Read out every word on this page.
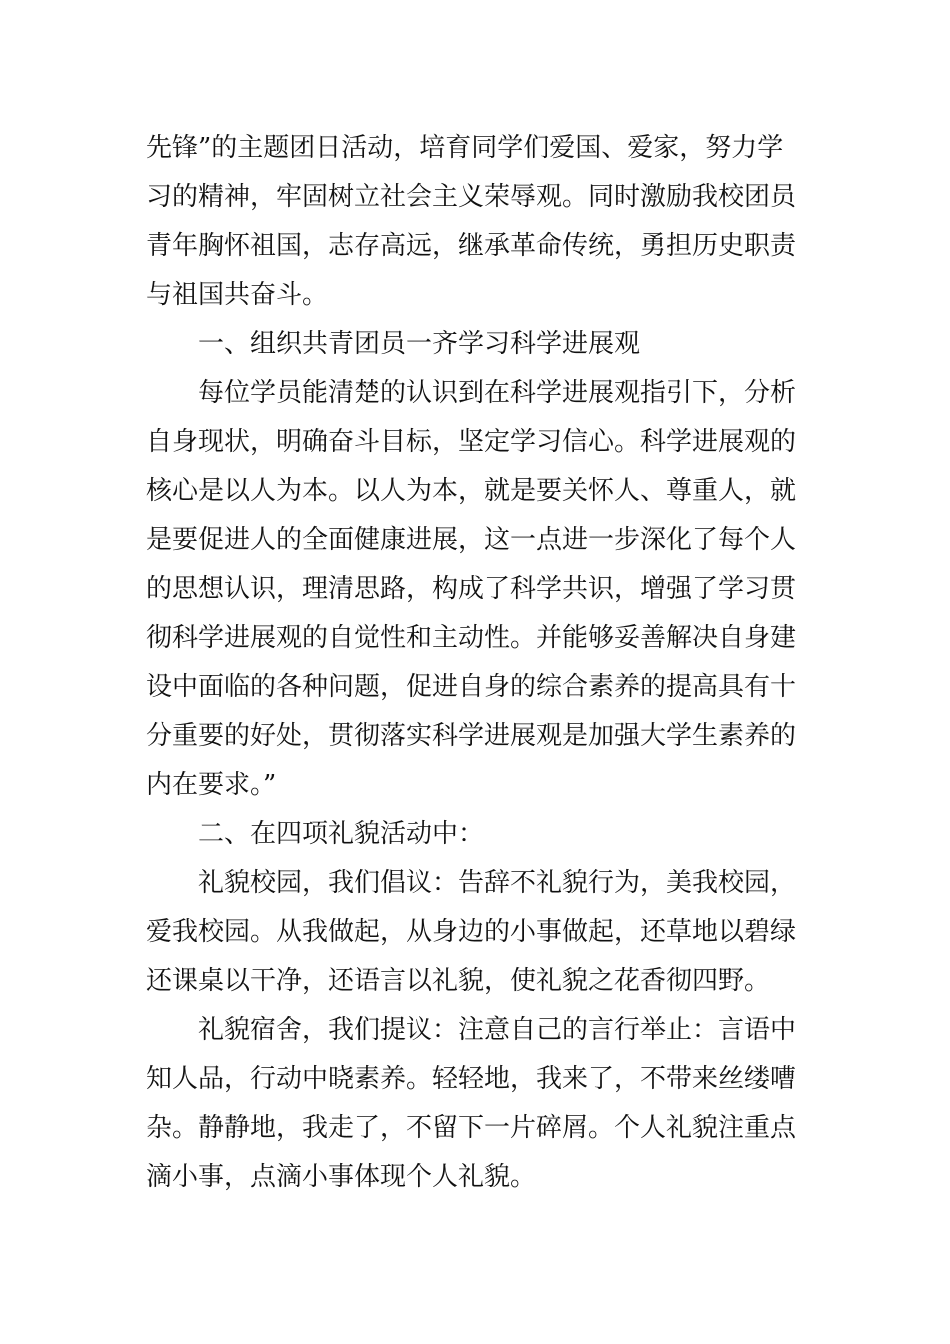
先锋”的主题团日活动，培育同学们爱国、爱家，努力学
习的精神，牢固树立社会主义荣辱观。同时激励我校团员
青年胸怀祖国，志存高远，继承革命传统，勇担历史职责
与祖国共奋斗。
一、组织共青团员一齐学习科学进展观
每位学员能清楚的认识到在科学进展观指引下，分析
自身现状，明确奋斗目标，坚定学习信心。科学进展观的
核心是以人为本。以人为本，就是要关怀人、尊重人，就
是要促进人的全面健康进展，这一点进一步深化了每个人
的思想认识，理清思路，构成了科学共识，增强了学习贯
彻科学进展观的自觉性和主动性。并能够妥善解决自身建
设中面临的各种问题，促进自身的综合素养的提高具有十
分重要的好处，贯彻落实科学进展观是加强大学生素养的
内在要求。”
二、在四项礼貌活动中：
礼貌校园，我们倡议：告辞不礼貌行为，美我校园，
爱我校园。从我做起，从身边的小事做起，还草地以碧绿
还课桌以干净，还语言以礼貌，使礼貌之花香彻四野。
礼貌宿舍，我们提议：注意自己的言行举止：言语中
知人品，行动中晓素养。轻轻地，我来了，不带来丝缕嘈
杂。静静地，我走了，不留下一片碎屑。个人礼貌注重点
滴小事，点滴小事体现个人礼貌。
